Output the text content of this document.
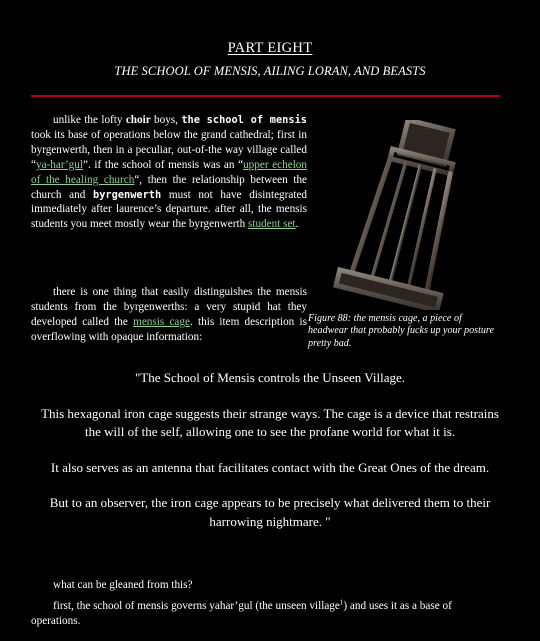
PART EIGHT
THE SCHOOL OF MENSIS, AILING LORAN, AND BEASTS

unlike the lofty choir boys, the school of mensis took its base of operations below the grand cathedral; first in byrgenwerth, then in a peculiar, out-of-the way village called “ya-har’gul”. if the school of mensis was an “upper echelon of the healing church“, then the relationship between the church and byrgenwerth must not have disintegrated immediately after laurence’s departure. after all, the mensis students you meet mostly wear the byrgenwerth student set.

there is one thing that easily distinguishes the mensis students from the byrgenwerths: a very stupid hat they developed called the mensis cage. this item description is overflowing with opaque information:

Figure 88: the mensis cage, a piece of headwear that probably fucks up your posture pretty bad.

"The School of Mensis controls the Unseen Village.

This hexagonal iron cage suggests their strange ways. The cage is a device that restrains the will of the self, allowing one to see the profane world for what it is.

It also serves as an antenna that facilitates contact with the Great Ones of the dream.

But to an observer, the iron cage appears to be precisely what delivered them to their harrowing nightmare. "

what can be gleaned from this?

first, the school of mensis governs yahar’gul (the unseen village$^1$) and uses it as a base of operations.
